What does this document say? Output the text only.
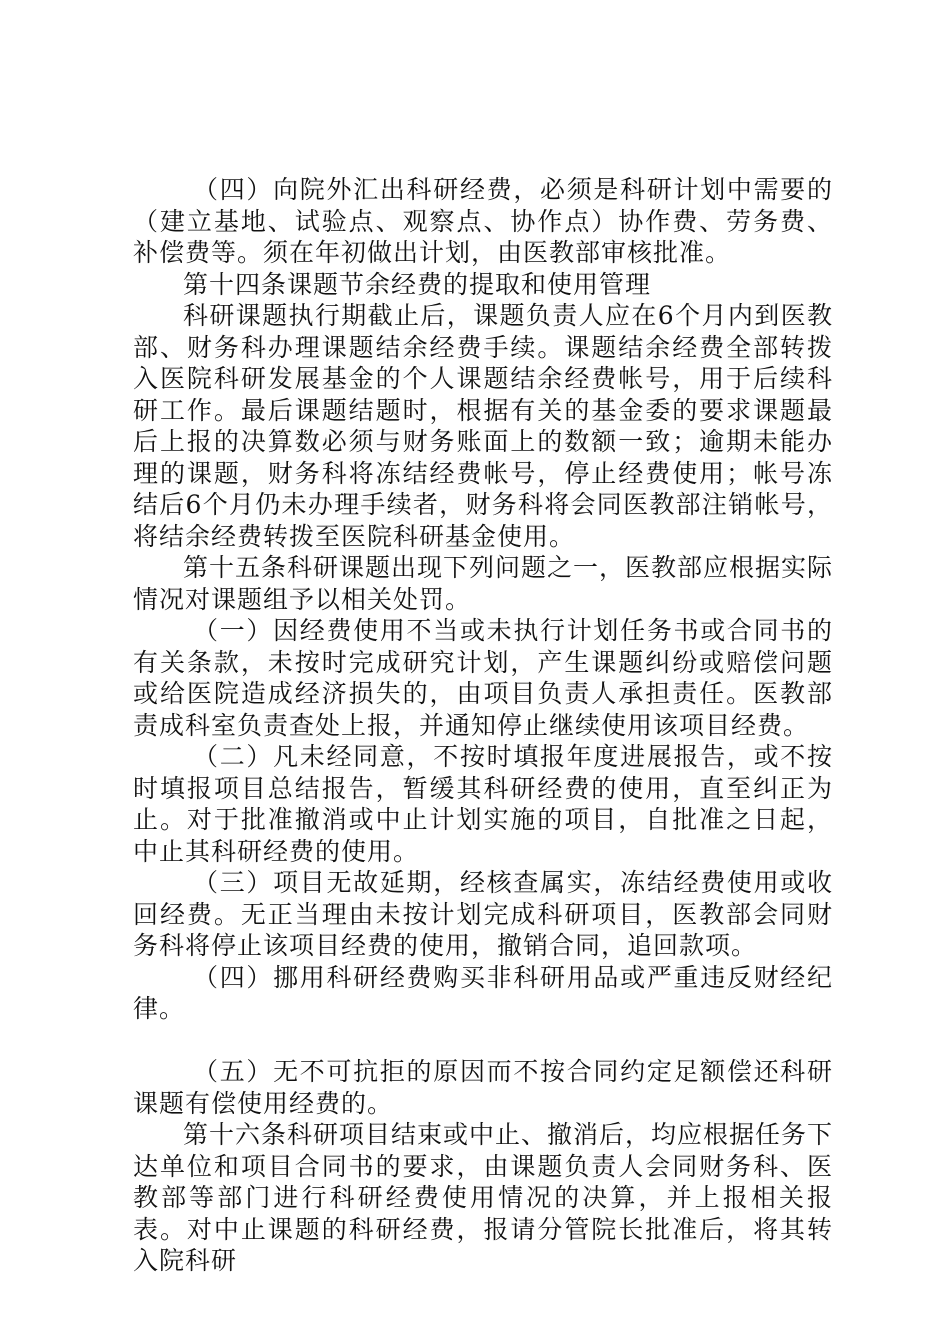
（四）向院外汇出科研经费，必须是科研计划中需要的（建立基地、试验点、观察点、协作点）协作费、劳务费、补偿费等。须在年初做出计划，由医教部审核批准。

第十四条课题节余经费的提取和使用管理

科研课题执行期截止后，课题负责人应在6个月内到医教部、财务科办理课题结余经费手续。课题结余经费全部转拨入医院科研发展基金的个人课题结余经费帐号，用于后续科研工作。最后课题结题时，根据有关的基金委的要求课题最后上报的决算数必须与财务账面上的数额一致；逾期未能办理的课题，财务科将冻结经费帐号，停止经费使用；帐号冻结后6个月仍未办理手续者，财务科将会同医教部注销帐号，将结余经费转拨至医院科研基金使用。

第十五条科研课题出现下列问题之一，医教部应根据实际情况对课题组予以相关处罚。

（一）因经费使用不当或未执行计划任务书或合同书的有关条款，未按时完成研究计划，产生课题纠纷或赔偿问题或给医院造成经济损失的，由项目负责人承担责任。医教部责成科室负责查处上报，并通知停止继续使用该项目经费。

（二）凡未经同意，不按时填报年度进展报告，或不按时填报项目总结报告，暂缓其科研经费的使用，直至纠正为止。对于批准撤消或中止计划实施的项目，自批准之日起，中止其科研经费的使用。

（三）项目无故延期，经核查属实，冻结经费使用或收回经费。无正当理由未按计划完成科研项目，医教部会同财务科将停止该项目经费的使用，撤销合同，追回款项。

（四）挪用科研经费购买非科研用品或严重违反财经纪律。

（五）无不可抗拒的原因而不按合同约定足额偿还科研课题有偿使用经费的。

第十六条科研项目结束或中止、撤消后，均应根据任务下达单位和项目合同书的要求，由课题负责人会同财务科、医教部等部门进行科研经费使用情况的决算，并上报相关报表。对中止课题的科研经费，报请分管院长批准后，将其转入院科研
